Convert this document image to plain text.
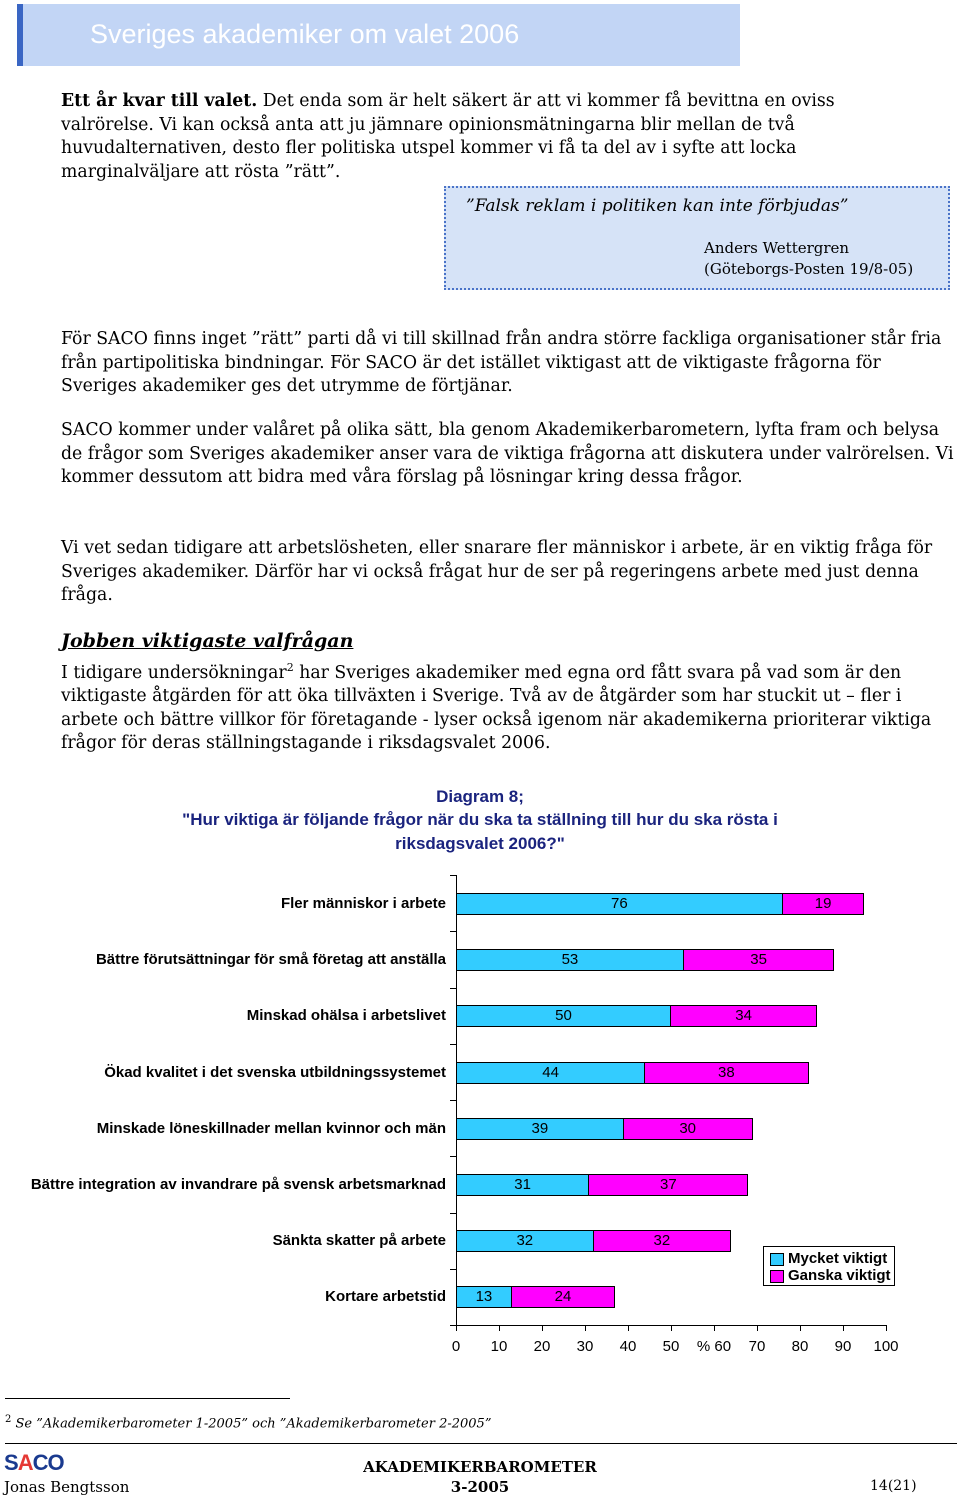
Sveriges akademiker om valet 2006

Ett år kvar till valet. Det enda som är helt säkert är att vi kommer få bevittna en oviss valrörelse. Vi kan också anta att ju jämnare opinionsmätningarna blir mellan de två huvudalternativen, desto fler politiska utspel kommer vi få ta del av i syfte att locka marginalväljare att rösta ”rätt”.

”Falsk reklam i politiken kan inte förbjudas”
Anders Wettergren
(Göteborgs-Posten 19/8-05)

För SACO finns inget ”rätt” parti då vi till skillnad från andra större fackliga organisationer står fria från partipolitiska bindningar. För SACO är det istället viktigast att de viktigaste frågorna för Sveriges akademiker ges det utrymme de förtjänar.

SACO kommer under valåret på olika sätt, bla genom Akademikerbarometern, lyfta fram och belysa de frågor som Sveriges akademiker anser vara de viktiga frågorna att diskutera under valrörelsen. Vi kommer dessutom att bidra med våra förslag på lösningar kring dessa frågor.

Vi vet sedan tidigare att arbetslösheten, eller snarare fler människor i arbete, är en viktig fråga för Sveriges akademiker. Därför har vi också frågat hur de ser på regeringens arbete med just denna fråga.

Jobben viktigaste valfrågan

I tidigare undersökningar$^2$ har Sveriges akademiker med egna ord fått svara på vad som är den viktigaste åtgärden för att öka tillväxten i Sverige. Två av de åtgärder som har stuckit ut – fler i arbete och bättre villkor för företagande - lyser också igenom när akademikerna prioriterar viktiga frågor för deras ställningstagande i riksdagsvalet 2006.

Diagram 8;

"Hur viktiga är följande frågor när du ska ta ställning till hur du ska rösta i

riksdagsvalet 2006?"

0 10 20 30 40 50 % 60 70 80 90 100
Fler människor i arbete	76	19
Bättre förutsättningar för små företag att anställa	53	35
Minskad ohälsa i arbetslivet	50	34
Ökad kvalitet i det svenska utbildningssystemet	44	38
Minskade löneskillnader mellan kvinnor och män	39	30
Bättre integration av invandrare på svensk arbetsmarknad	31	37
Sänkta skatter på arbete	32	32
Kortare arbetstid	13	24
Mycket viktigt
Ganska viktigt
$^2$ Se ”Akademikerbarometer 1-2005” och ”Akademikerbarometer 2-2005”
SACO	AKADEMIKERBAROMETER
3-2005
Jonas Bengtsson	14(21)
